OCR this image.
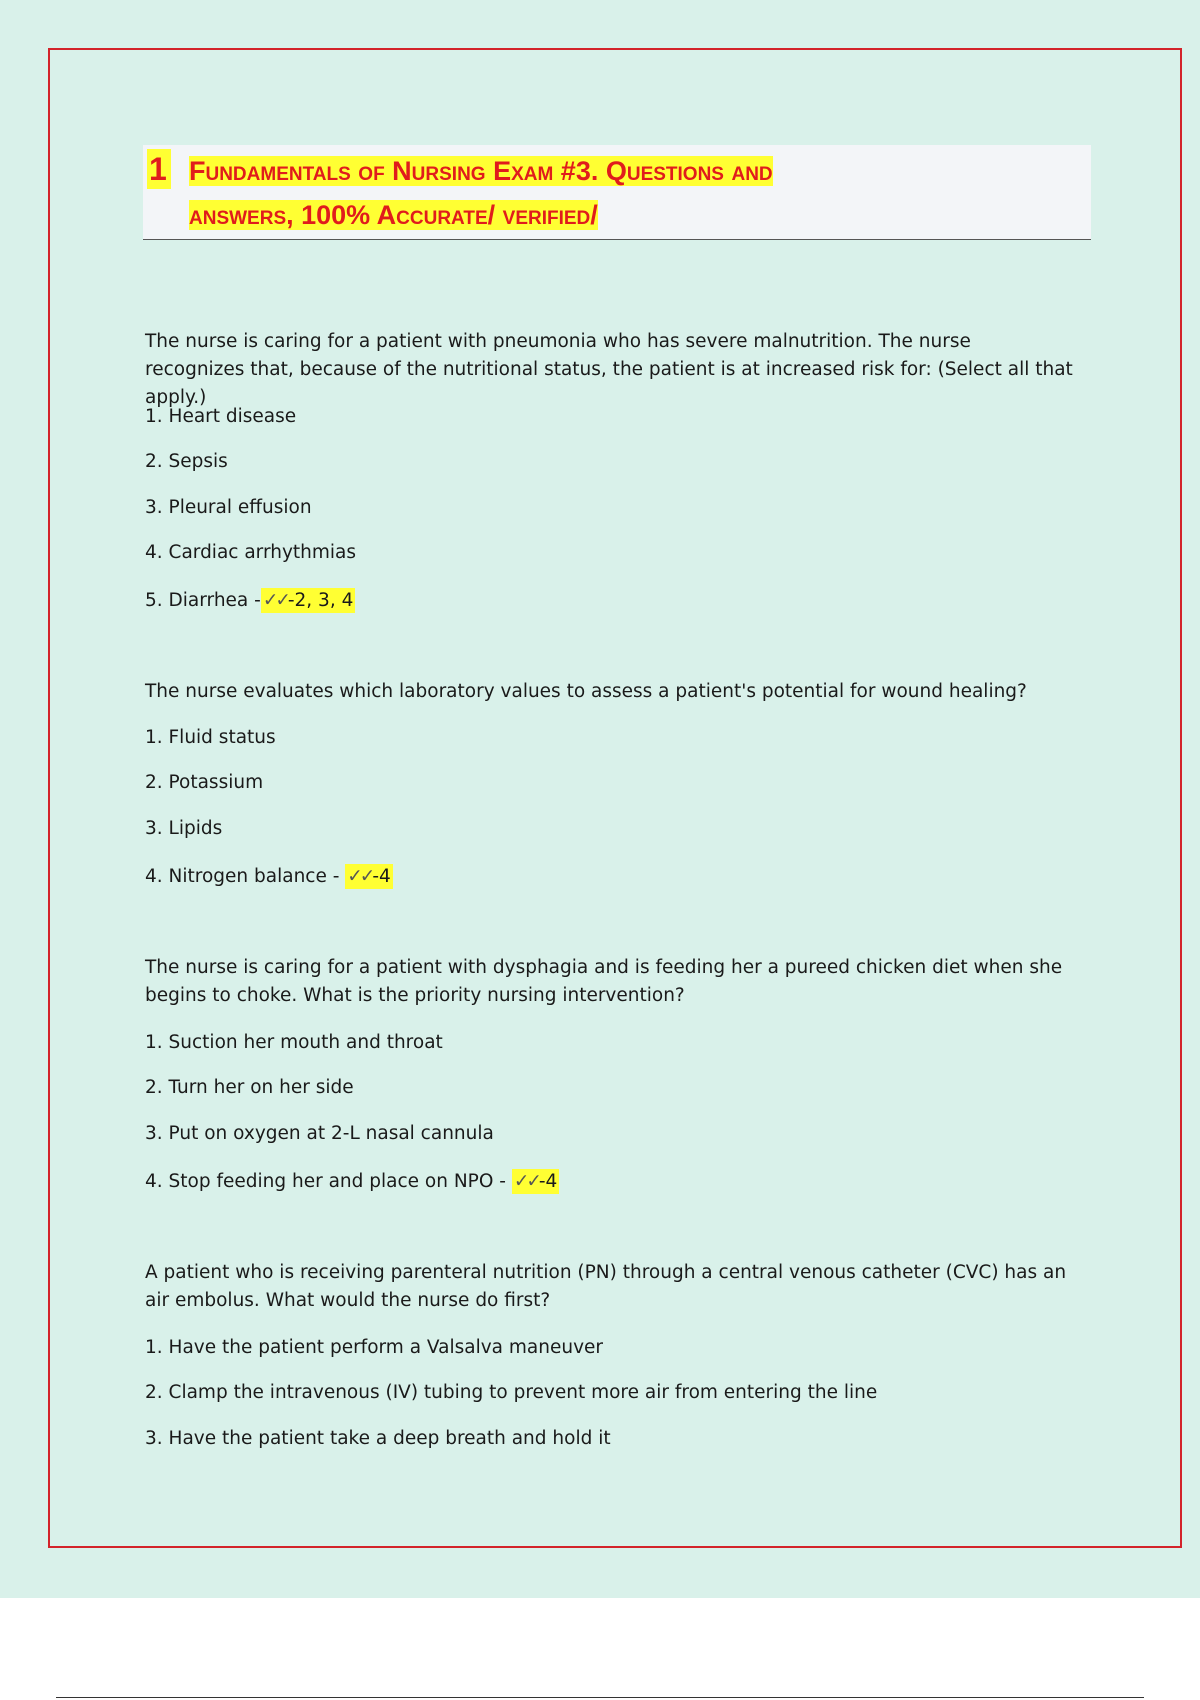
1 Fundamentals of Nursing Exam #3. Questions and
answers, 100% Accurate/ verified/
The nurse is caring for a patient with pneumonia who has severe malnutrition. The nurse recognizes that, because of the nutritional status, the patient is at increased risk for: (Select all that apply.)
1. Heart disease
2. Sepsis
3. Pleural effusion
4. Cardiac arrhythmias
5. Diarrhea - ✓✓-2, 3, 4
The nurse evaluates which laboratory values to assess a patient's potential for wound healing?
1. Fluid status
2. Potassium
3. Lipids
4. Nitrogen balance - ✓✓-4
The nurse is caring for a patient with dysphagia and is feeding her a pureed chicken diet when she begins to choke. What is the priority nursing intervention?
1. Suction her mouth and throat
2. Turn her on her side
3. Put on oxygen at 2-L nasal cannula
4. Stop feeding her and place on NPO - ✓✓-4
A patient who is receiving parenteral nutrition (PN) through a central venous catheter (CVC) has an air embolus. What would the nurse do first?
1. Have the patient perform a Valsalva maneuver
2. Clamp the intravenous (IV) tubing to prevent more air from entering the line
3. Have the patient take a deep breath and hold it
